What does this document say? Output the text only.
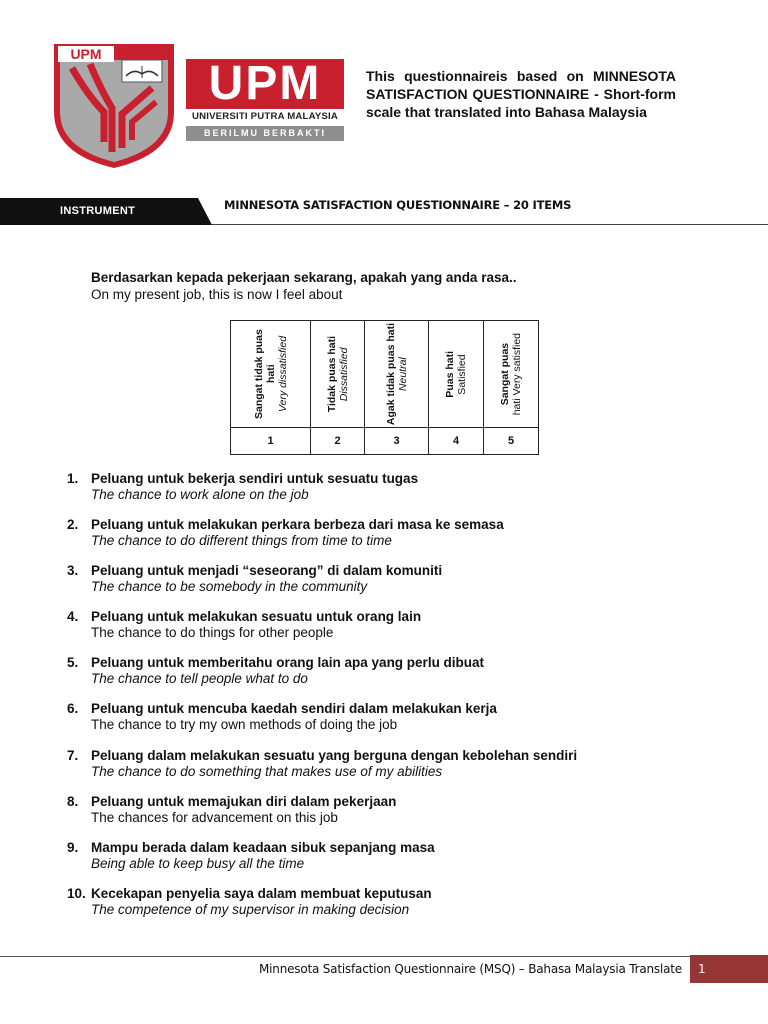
UPM
UPM
UNIVERSITI PUTRA MALAYSIA
BERILMU BERBAKTI
This questionnaireis based on MINNESOTA SATISFACTION QUESTIONNAIRE - Short-form scale that translated into Bahasa Malaysia
INSTRUMENT	MINNESOTA SATISFACTION QUESTIONNAIRE – 20 ITEMS
Berdasarkan kepada pekerjaan sekarang, apakah yang anda rasa..
On my present job, this is now I feel about
Sangat tidak puas hati Very dissatisfied	Tidak puas hati Dissatisfied	Agak tidak puas hati Neutral	Puas hati Satisfied	Sangat puas hati Very satisfied

1	2	3	4	5
1. Peluang untuk bekerja sendiri untuk sesuatu tugas
The chance to work alone on the job
2. Peluang untuk melakukan perkara berbeza dari masa ke semasa
The chance to do different things from time to time
3. Peluang untuk menjadi “seseorang” di dalam komuniti
The chance to be somebody in the community
4. Peluang untuk melakukan sesuatu untuk orang lain
The chance to do things for other people
5. Peluang untuk memberitahu orang lain apa yang perlu dibuat
The chance to tell people what to do
6. Peluang untuk mencuba kaedah sendiri dalam melakukan kerja
The chance to try my own methods of doing the job
7. Peluang dalam melakukan sesuatu yang berguna dengan kebolehan sendiri
The chance to do something that makes use of my abilities
8. Peluang untuk memajukan diri dalam pekerjaan
The chances for advancement on this job
9. Mampu berada dalam keadaan sibuk sepanjang masa
Being able to keep busy all the time
10. Kecekapan penyelia saya dalam membuat keputusan
The competence of my supervisor in making decision
Minnesota Satisfaction Questionnaire (MSQ) – Bahasa Malaysia Translate	1
